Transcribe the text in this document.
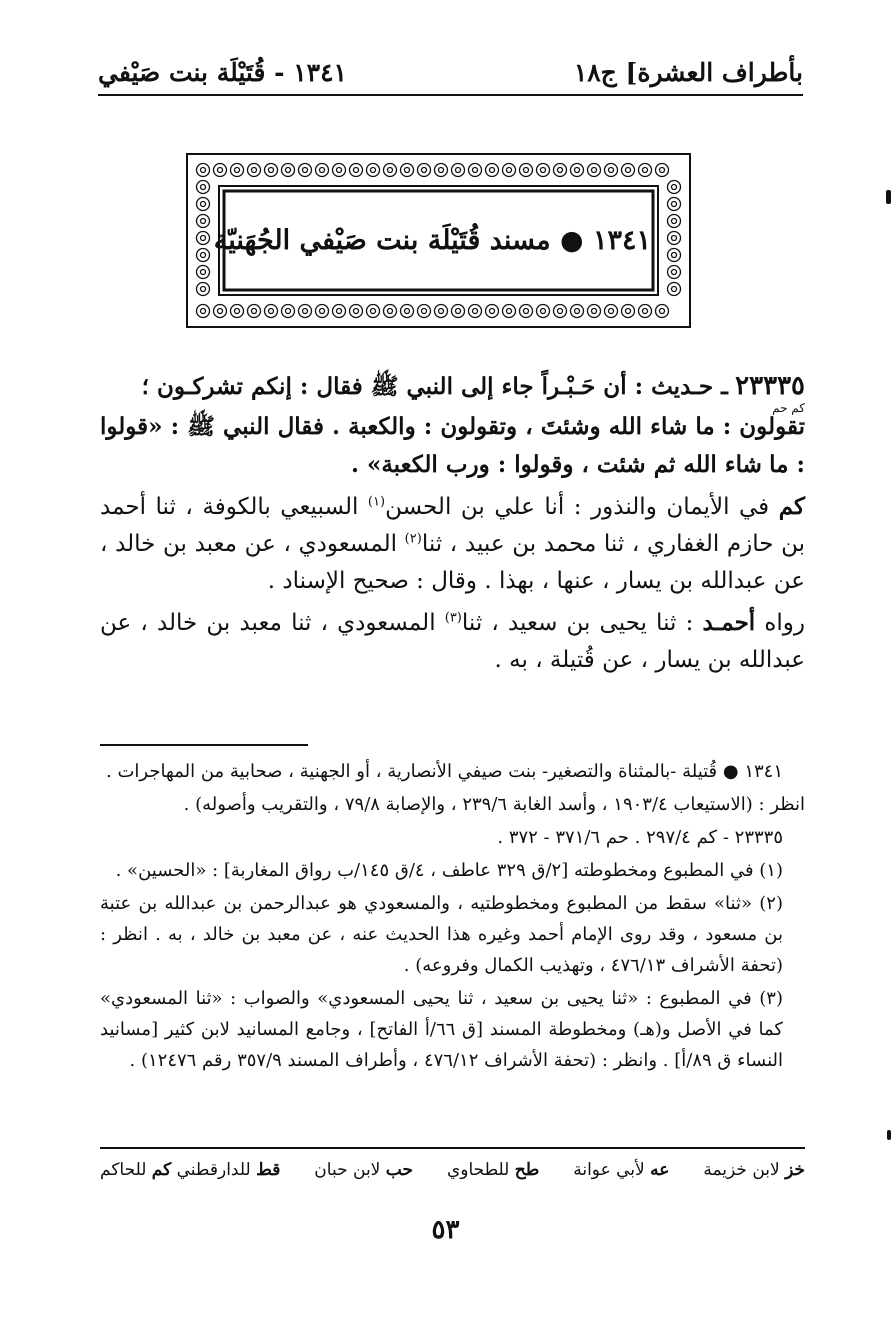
بأطراف العشرة] ج١٨
١٣٤١ - قُتَيْلَة بنت صَيْفي
١٣٤١ ● مسند قُتَيْلَة بنت صَيْفي الجُهَنيّة

٢٣٣٣٥ ـ حـديث : أن حَـبْـراً جاء إلى النبي ﷺ فقال : إنكم تشركـون ؛
كم حم
تقولون : ما شاء الله وشئتَ ، وتقولون : والكعبة . فقال النبي ﷺ : «قولوا : ما شاء الله ثم شئت ، وقولوا : ورب الكعبة» .

كم في الأيمان والنذور : أنا علي بن الحسن$^{(١)}$ السبيعي بالكوفة ، ثنا أحمد بن حازم الغفاري ، ثنا محمد بن عبيد ، ثنا$^{(٢)}$ المسعودي ، عن معبد بن خالد ، عن عبدالله بن يسار ، عنها ، بهذا . وقال : صحيح الإسناد .

رواه أحمـد : ثنا يحيى بن سعيد ، ثنا$^{(٣)}$ المسعودي ، ثنا معبد بن خالد ، عن عبدالله بن يسار ، عن قُتيلة ، به .

١٣٤١ ● قُتيلة -بالمثناة والتصغير- بنت صيفي الأنصارية ، أو الجهنية ، صحابية من المهاجرات .

انظر : (الاستيعاب ١٩٠٣/٤ ، وأسد الغابة ٢٣٩/٦ ، والإصابة ٧٩/٨ ، والتقريب وأصوله) .

٢٣٣٣٥ - كم ٢٩٧/٤ . حم ٣٧١/٦ - ٣٧٢ .

(١) في المطبوع ومخطوطته [٢/ق ٣٢٩ عاطف ، ٤/ق ١٤٥/ب رواق المغاربة] : «الحسين» .

(٢) «ثنا» سقط من المطبوع ومخطوطتيه ، والمسعودي هو عبدالرحمن بن عبدالله بن عتبة بن مسعود ، وقد روى الإمام أحمد وغيره هذا الحديث عنه ، عن معبد بن خالد ، به . انظر : (تحفة الأشراف ٤٧٦/١٣ ، وتهذيب الكمال وفروعه) .

(٣) في المطبوع : «ثنا يحيى بن سعيد ، ثنا يحيى المسعودي» والصواب : «ثنا المسعودي» كما في الأصل و(هـ) ومخطوطة المسند [ق ٦٦/أ الفاتح] ، وجامع المسانيد لابن كثير [مسانيد النساء ق ٨٩/أ] . وانظر : (تحفة الأشراف ٤٧٦/١٢ ، وأطراف المسند ٣٥٧/٩ رقم ١٢٤٧٦) .

خز لابن خزيمة
عه لأبي عوانة
طح للطحاوي
حب لابن حبان
قط للدارقطني كم للحاكم
٥٣
